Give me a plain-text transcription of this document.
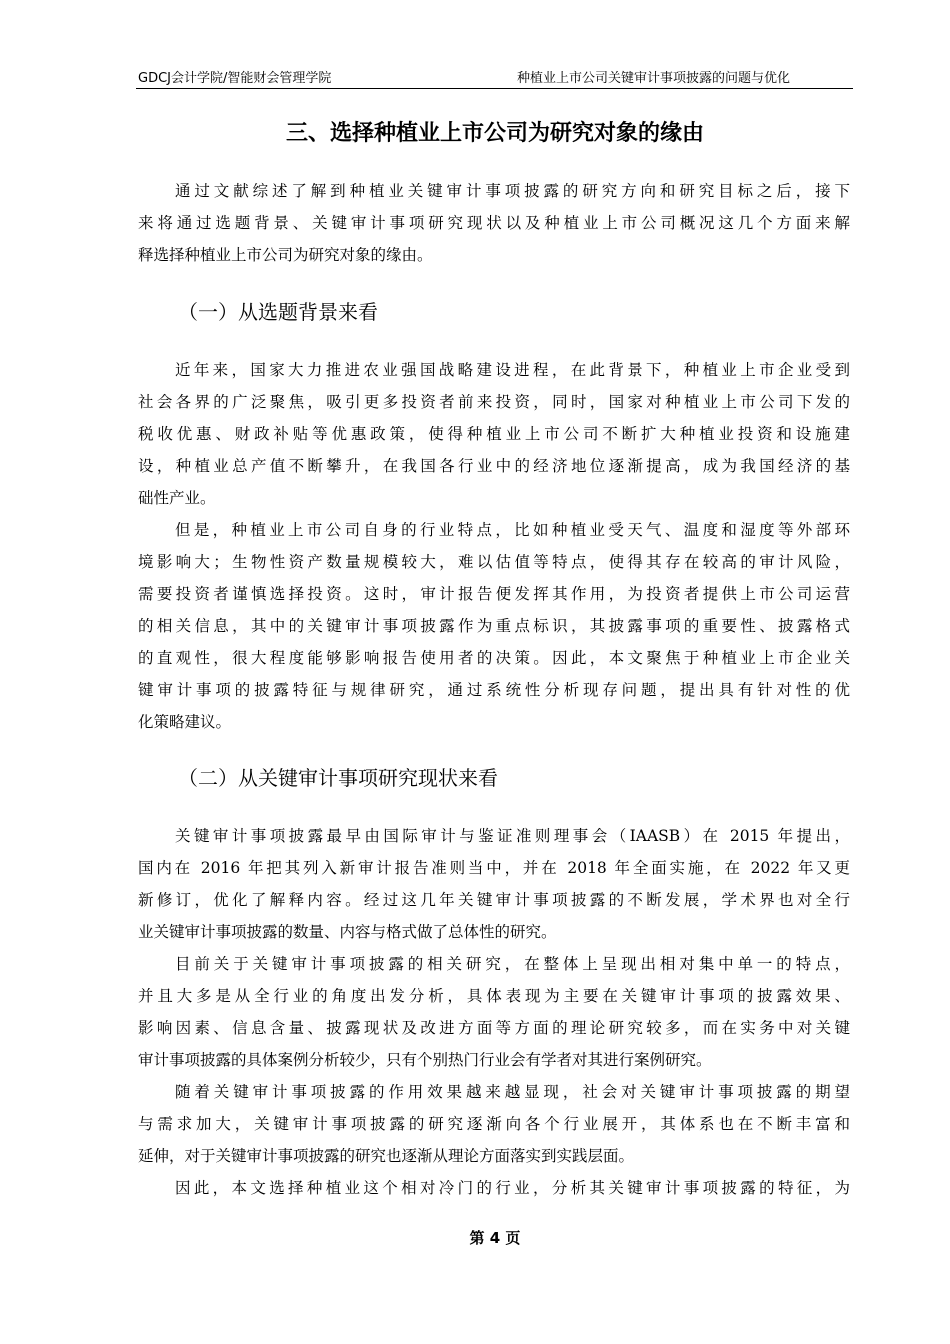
GDCJ会计学院/智能财会管理学院	种植业上市公司关键审计事项披露的问题与优化
三、选择种植业上市公司为研究对象的缘由
通过文献综述了解到种植业关键审计事项披露的研究方向和研究目标之后，接下
来将通过选题背景、关键审计事项研究现状以及种植业上市公司概况这几个方面来解
释选择种植业上市公司为研究对象的缘由。
（一）从选题背景来看
近年来，国家大力推进农业强国战略建设进程，在此背景下，种植业上市企业受到
社会各界的广泛聚焦，吸引更多投资者前来投资，同时，国家对种植业上市公司下发的
税收优惠、财政补贴等优惠政策，使得种植业上市公司不断扩大种植业投资和设施建
设，种植业总产值不断攀升，在我国各行业中的经济地位逐渐提高，成为我国经济的基
础性产业。
但是，种植业上市公司自身的行业特点，比如种植业受天气、温度和湿度等外部环
境影响大；生物性资产数量规模较大，难以估值等特点，使得其存在较高的审计风险，
需要投资者谨慎选择投资。这时，审计报告便发挥其作用，为投资者提供上市公司运营
的相关信息，其中的关键审计事项披露作为重点标识，其披露事项的重要性、披露格式
的直观性，很大程度能够影响报告使用者的决策。因此，本文聚焦于种植业上市企业关
键审计事项的披露特征与规律研究，通过系统性分析现存问题，提出具有针对性的优
化策略建议。
（二）从关键审计事项研究现状来看
关键审计事项披露最早由国际审计与鉴证准则理事会（IAASB）在 2015 年提出，
国内在 2016 年把其列入新审计报告准则当中，并在 2018 年全面实施，在 2022 年又更
新修订，优化了解释内容。经过这几年关键审计事项披露的不断发展，学术界也对全行
业关键审计事项披露的数量、内容与格式做了总体性的研究。
目前关于关键审计事项披露的相关研究，在整体上呈现出相对集中单一的特点，
并且大多是从全行业的角度出发分析，具体表现为主要在关键审计事项的披露效果、
影响因素、信息含量、披露现状及改进方面等方面的理论研究较多，而在实务中对关键
审计事项披露的具体案例分析较少，只有个别热门行业会有学者对其进行案例研究。
随着关键审计事项披露的作用效果越来越显现，社会对关键审计事项披露的期望
与需求加大，关键审计事项披露的研究逐渐向各个行业展开，其体系也在不断丰富和
延伸，对于关键审计事项披露的研究也逐渐从理论方面落实到实践层面。
因此，本文选择种植业这个相对冷门的行业，分析其关键审计事项披露的特征，为
第 4 页
